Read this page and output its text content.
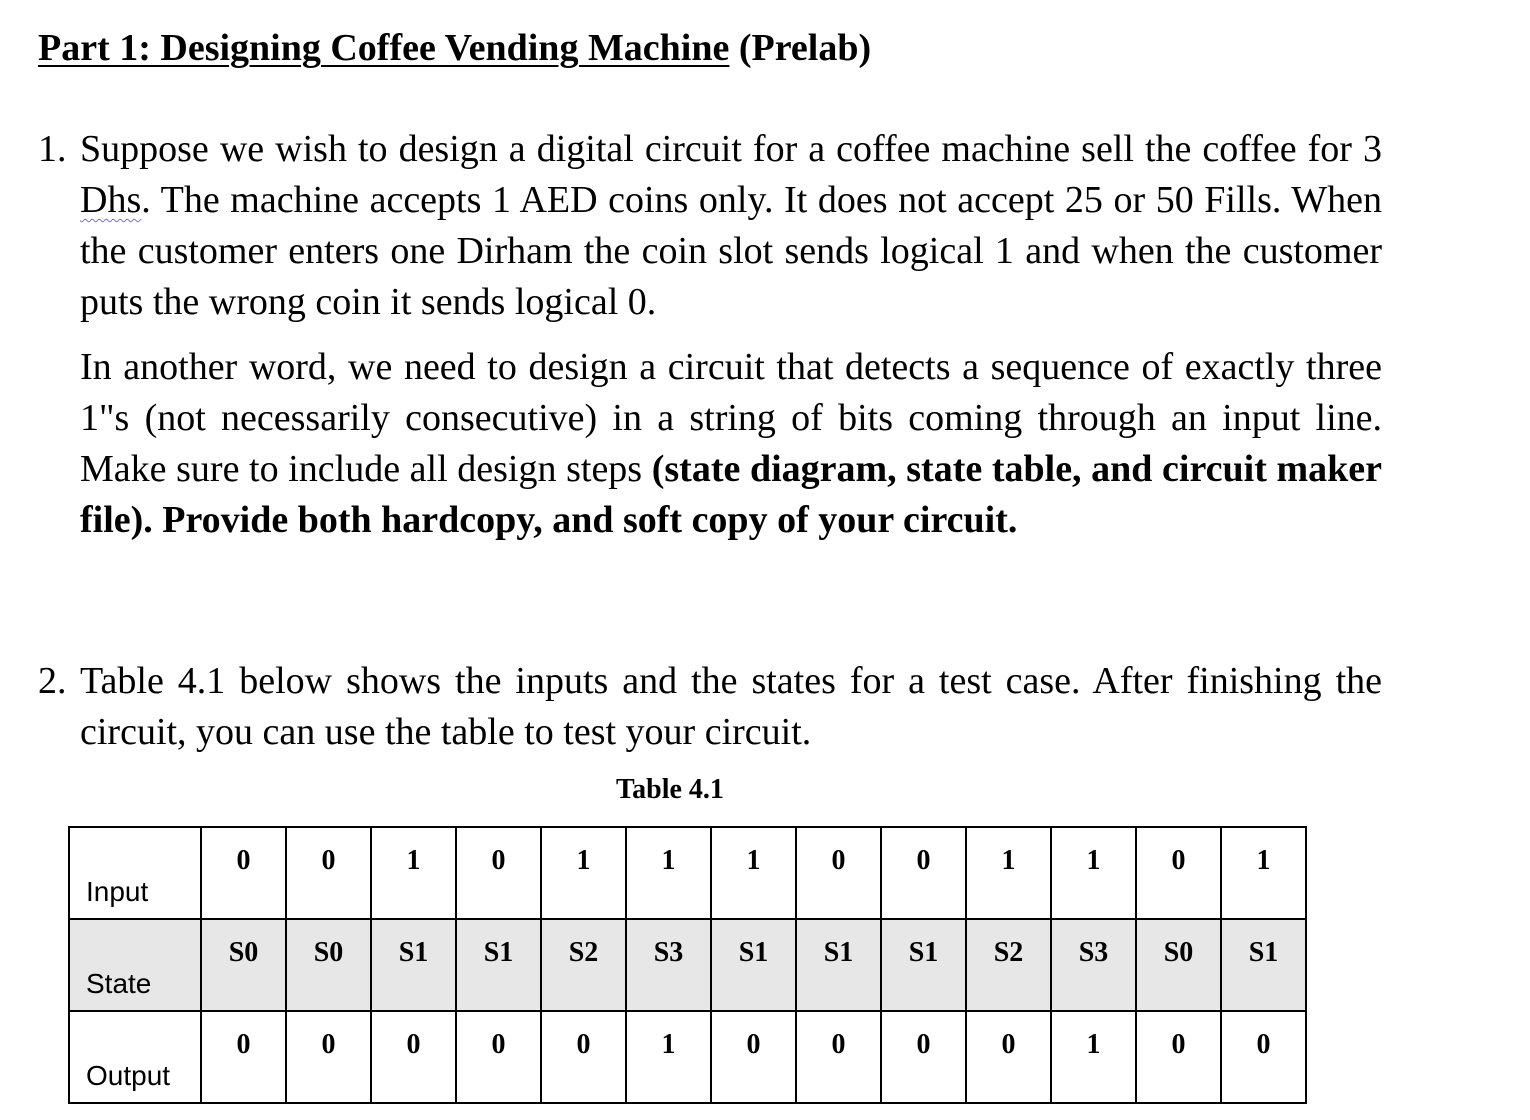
Part 1: Designing Coffee Vending Machine (Prelab)
1. Suppose we wish to design a digital circuit for a coffee machine sell the coffee for 3 Dhs. The machine accepts 1 AED coins only. It does not accept 25 or 50 Fills. When the customer enters one Dirham the coin slot sends logical 1 and when the customer puts the wrong coin it sends logical 0.

In another word, we need to design a circuit that detects a sequence of exactly three 1"s (not necessarily consecutive) in a string of bits coming through an input line. Make sure to include all design steps (state diagram, state table, and circuit maker file). Provide both hardcopy, and soft copy of your circuit.

2. Table 4.1 below shows the inputs and the states for a test case. After finishing the circuit, you can use the table to test your circuit.

Table 4.1
Input	0	0	1	0	1	1	1	0	0	1	1	0	1
State	S0	S0	S1	S1	S2	S3	S1	S1	S1	S2	S3	S0	S1
Output	0	0	0	0	0	1	0	0	0	0	1	0	0
